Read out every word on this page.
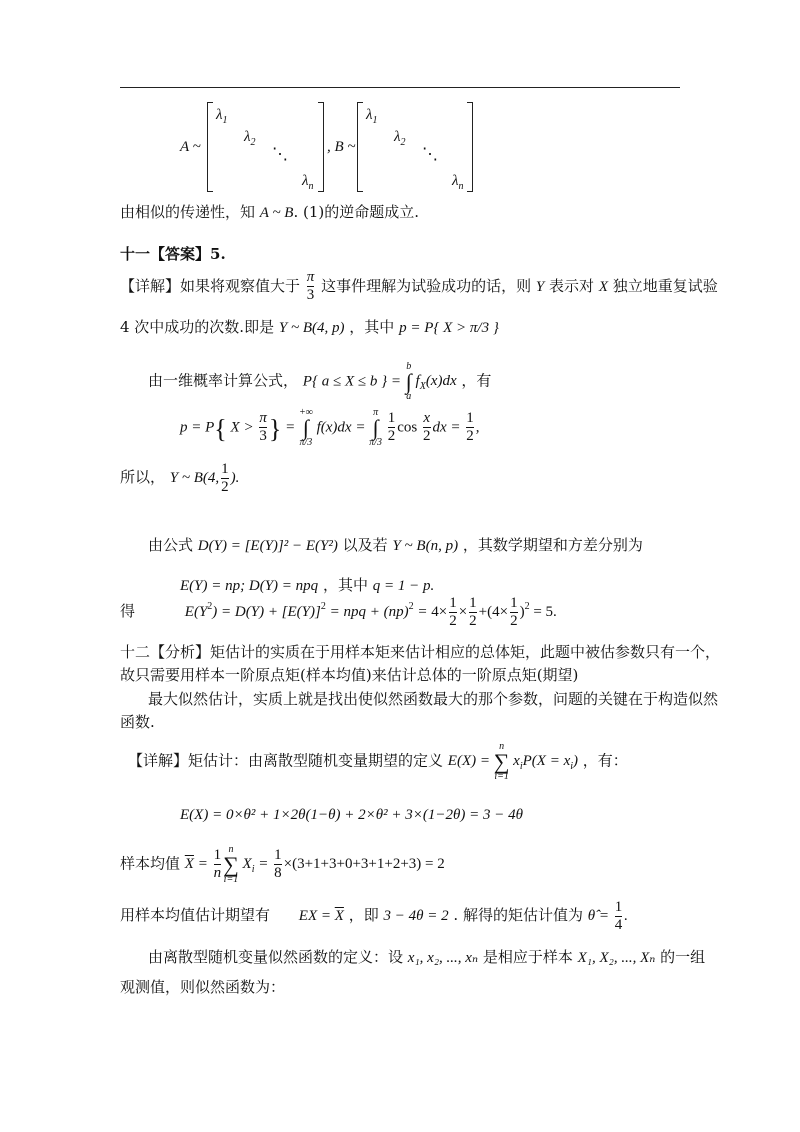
A ~
$\lambda_1$
$\lambda_2$
⋱
$\lambda_n$
, B ~
$\lambda_1$
$\lambda_2$
⋱
$\lambda_n$
由相似的传递性，知 A ~ B. (1)的逆命题成立.
十一【答案】5.
【详解】如果将观察值大于 $\frac{\pi}{3}$ 这事件理解为试验成功的话，则 Y 表示对 X 独立地重复试验
4 次中成功的次数.即是 Y ~ B(4, p) ，其中 p = P{ X > π/3 }
由一维概率计算公式， P{ a ≤ X ≤ b } = b
∫
a $f_X(x)dx$ ，有
p = P{ $X > \frac{\pi}{3}$ } = +∞
∫
π/3 f(x)dx = π
∫
$\pi/3 \frac{1}{2}$ $\cos \frac{x}{2}$ dx = $\frac{1}{2}$ ,
所以， Y ~ B(4, $\frac{1}{2}$ ).
由公式 D(Y) = [E(Y)]² − E(Y²) 以及若 Y ~ B(n, p) ，其数学期望和方差分别为
E(Y) = np; D(Y) = npq ，其中 q = 1 − p.
得	$E(Y^2) = D(Y) + [E(Y)]^2$ = npq + $(np)^2 = 4\times \frac{1}{2} \times \frac{1}{2} +(4\times \frac{1}{2} )^2 = 5$.
十二【分析】矩估计的实质在于用样本矩来估计相应的总体矩，此题中被估参数只有一个，
故只需要用样本一阶原点矩(样本均值)来估计总体的一阶原点矩(期望)
最大似然估计，实质上就是找出使似然函数最大的那个参数，问题的关键在于构造似然
函数.
【详解】矩估计：由离散型随机变量期望的定义 E(X) = n
∑
i=1 $x_iP(X = x_i)$ ，有：
E(X) = 0×θ² + 1×2θ(1−θ) + 2×θ² + 3×(1−2θ) = 3 − 4θ
样本均值 $\overline{X} = \frac{1}{n}$ n
∑
i=1 $X_i = \frac{1}{8} \times(3+1+3+0+3+1+2+3) = 2$
用样本均值估计期望有 EX = $\overline{X}$ ，即 3 − 4θ = 2 . 解得的矩估计值为 θ̂ = $\frac{1}{4}$ .
由离散型随机变量似然函数的定义：设 x₁, x₂, ..., xₙ 是相应于样本 X₁, X₂, ..., Xₙ 的一组
观测值，则似然函数为：
